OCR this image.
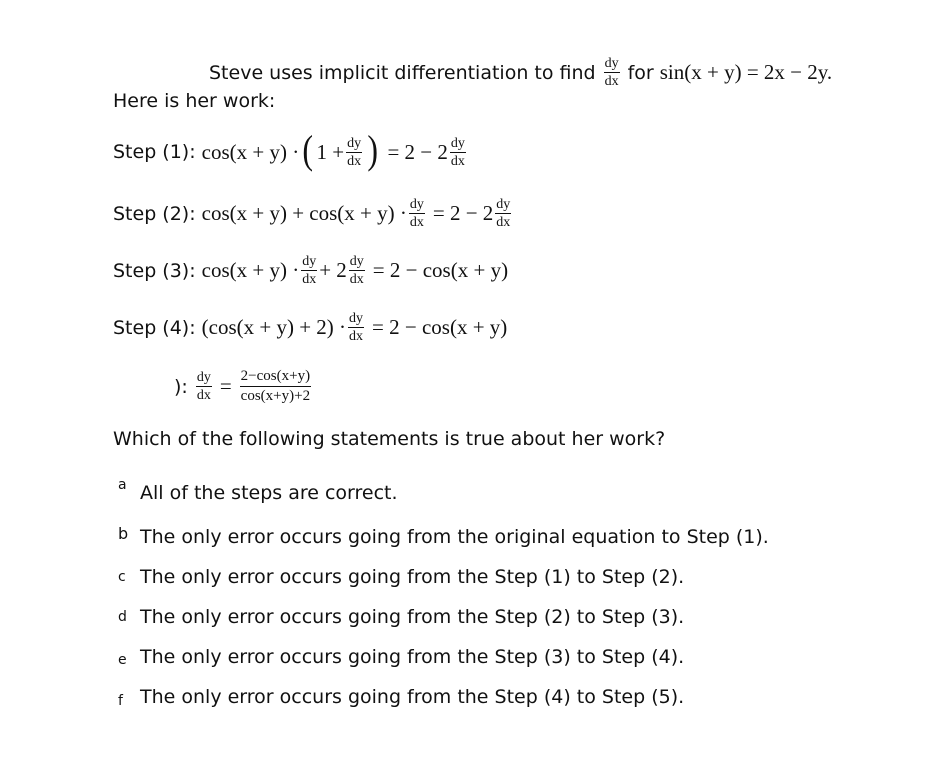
Steve uses implicit differentiation to find $\frac{dy}{dx}$ for sin(x + y) = 2x − 2y.
Here is her work:
Step (1): cos(x + y) · ( $1 + \frac{dy}{dx}$ ) = $2 - 2 \frac{dy}{dx}$
Step (2): $\cos(x + y) + \cos(x + y) \cdot \frac{dy}{dx} = 2 - 2 \frac{dy}{dx}$
Step (3): $\cos(x + y) \cdot \frac{dy}{dx} + 2 \frac{dy}{dx} = 2 - \cos(x + y)$
Step (4): $(\cos(x + y) + 2) \cdot \frac{dy}{dx} = 2 - \cos(x + y)$
): $\frac{dy}{dx} = \frac{2-\cos(x+y)}{\cos(x+y)+2}$
Which of the following statements is true about her work?
a All of the steps are correct.
b The only error occurs going from the original equation to Step (1).
c The only error occurs going from the Step (1) to Step (2).
d The only error occurs going from the Step (2) to Step (3).
e The only error occurs going from the Step (3) to Step (4).
f The only error occurs going from the Step (4) to Step (5).
